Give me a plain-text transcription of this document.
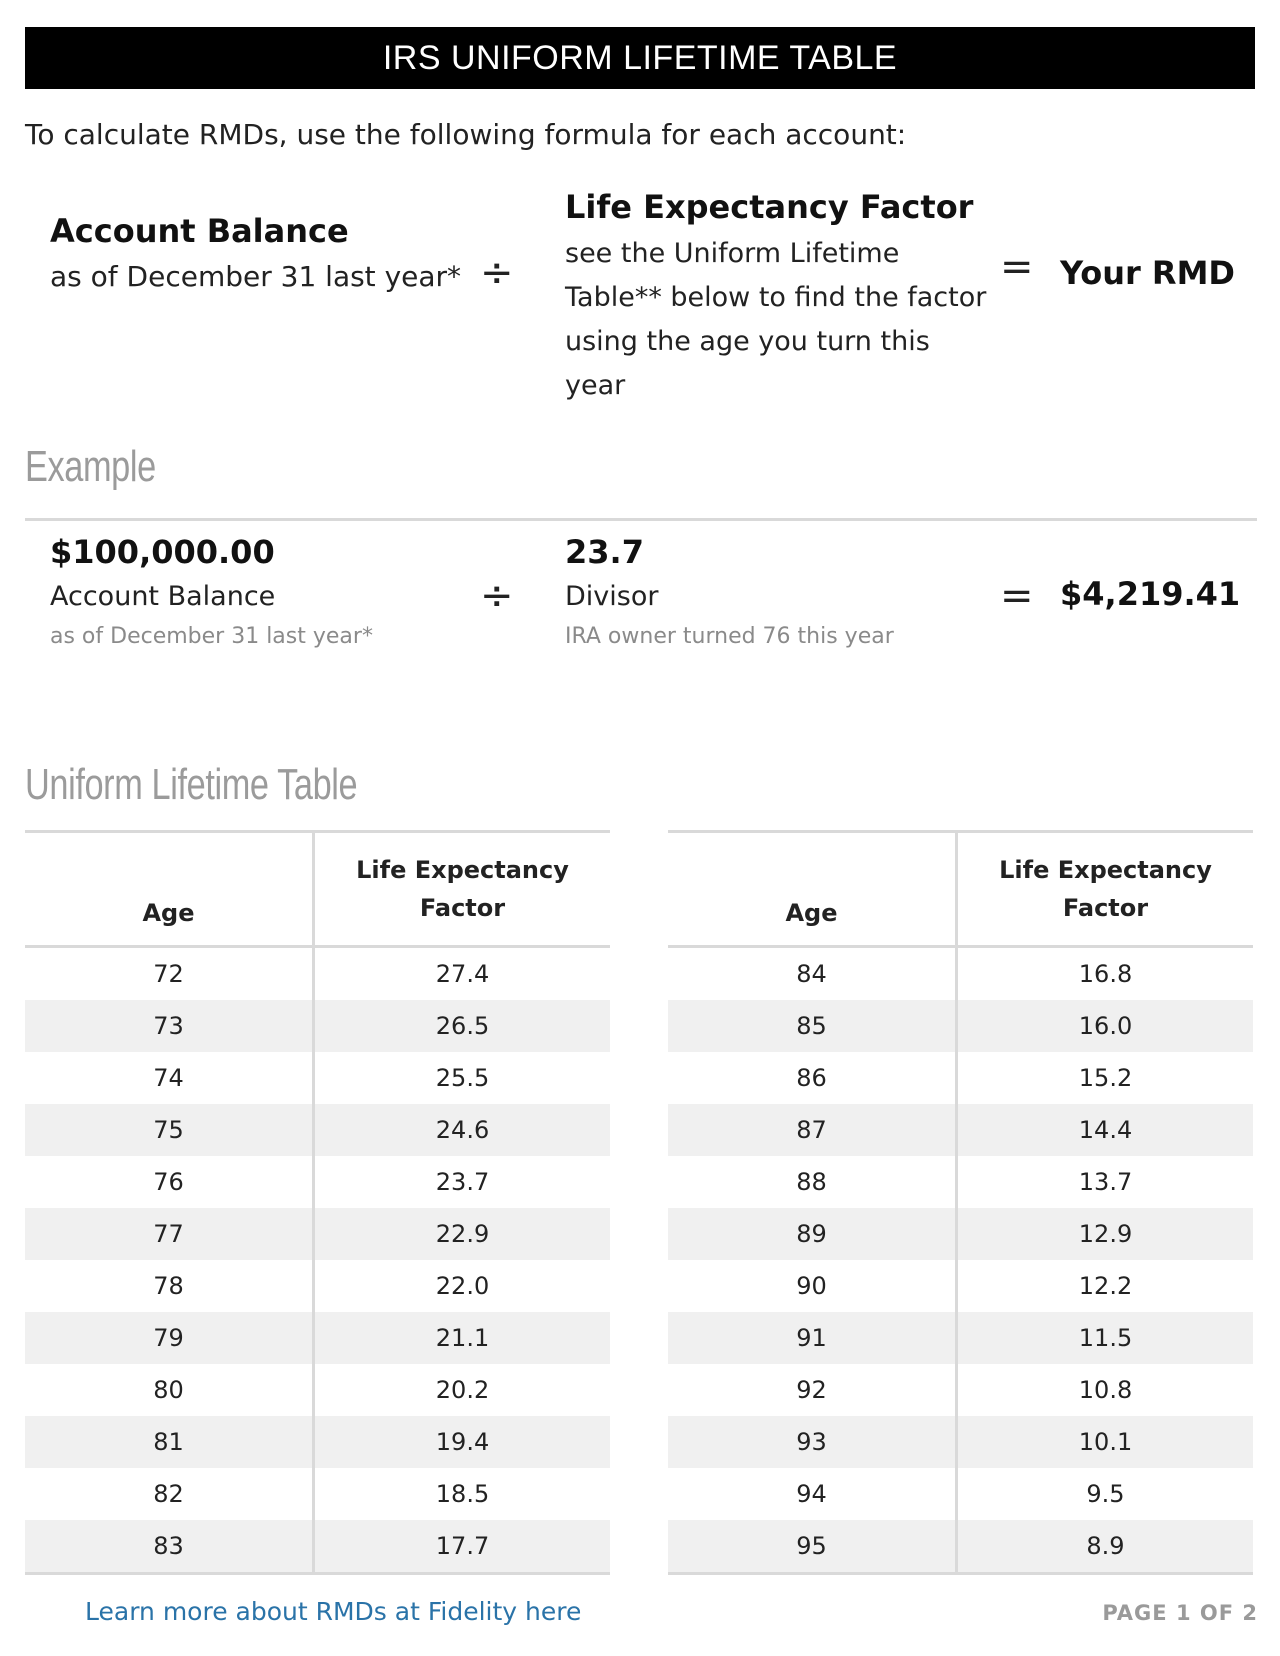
IRS UNIFORM LIFETIME TABLE
To calculate RMDs, use the following formula for each account:
Account Balance
as of December 31 last year* ÷
Life Expectancy Factor
see the Uniform Lifetime
Table** below to find the factor
using the age you turn this year
= Your RMD
Example
$100,000.00
Account Balance
as of December 31 last year*
÷
23.7
Divisor
IRA owner turned 76 this year
= $4,219.41
Uniform Lifetime Table
Age
Life Expectancy
Factor
72	27.4
73	26.5
74	25.5
75	24.6
76	23.7
77	22.9
78	22.0
79	21.1
80	20.2
81	19.4
82	18.5
83	17.7
Age
Life Expectancy
Factor
84	16.8
85	16.0
86	15.2
87	14.4
88	13.7
89	12.9
90	12.2
91	11.5
92	10.8
93	10.1
94	9.5
95	8.9
Learn more about RMDs at Fidelity here	PAGE 1 OF 2
